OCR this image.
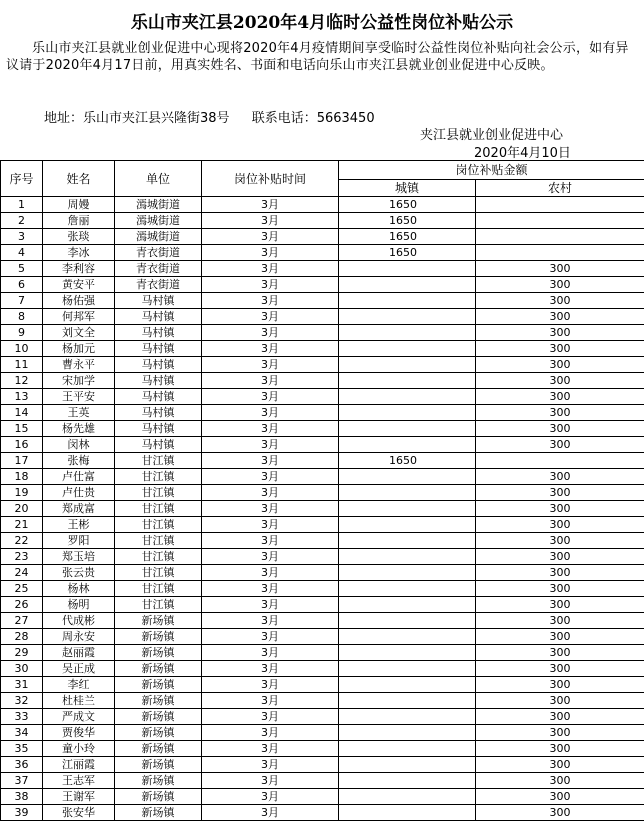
乐山市夹江县2020年4月临时公益性岗位补贴公示
乐山市夹江县就业创业促进中心现将2020年4月疫情期间享受临时公益性岗位补贴向社会公示，如有异议请于2020年4月17日前，用真实姓名、书面和电话向乐山市夹江县就业创业促进中心反映。
地址：乐山市夹江县兴隆街38号 联系电话：5663450
夹江县就业创业促进中心
2020年4月10日
序号	姓名	单位	岗位补贴时间	岗位补贴金额	
				城镇	农村
1	周嫚	漹城街道	3月	1650	
2	詹丽	漹城街道	3月	1650	
3	张琰	漹城街道	3月	1650	
4	李冰	青衣街道	3月	1650	
5	李利容	青衣街道	3月		300
6	黄安平	青衣街道	3月		300
7	杨佑强	马村镇	3月		300
8	何邦军	马村镇	3月		300
9	刘文全	马村镇	3月		300
10	杨加元	马村镇	3月		300
11	曹永平	马村镇	3月		300
12	宋加学	马村镇	3月		300
13	王平安	马村镇	3月		300
14	王英	马村镇	3月		300
15	杨先雄	马村镇	3月		300
16	闵林	马村镇	3月		300
17	张梅	甘江镇	3月	1650	
18	卢仕富	甘江镇	3月		300
19	卢仕贵	甘江镇	3月		300
20	郑成富	甘江镇	3月		300
21	王彬	甘江镇	3月		300
22	罗阳	甘江镇	3月		300
23	郑玉培	甘江镇	3月		300
24	张云贵	甘江镇	3月		300
25	杨林	甘江镇	3月		300
26	杨明	甘江镇	3月		300
27	代成彬	新场镇	3月		300
28	周永安	新场镇	3月		300
29	赵丽霞	新场镇	3月		300
30	吴正成	新场镇	3月		300
31	李红	新场镇	3月		300
32	杜桂兰	新场镇	3月		300
33	严成文	新场镇	3月		300
34	贾俊华	新场镇	3月		300
35	童小玲	新场镇	3月		300
36	江丽霞	新场镇	3月		300
37	王志军	新场镇	3月		300
38	王谢军	新场镇	3月		300
39	张安华	新场镇	3月		300
